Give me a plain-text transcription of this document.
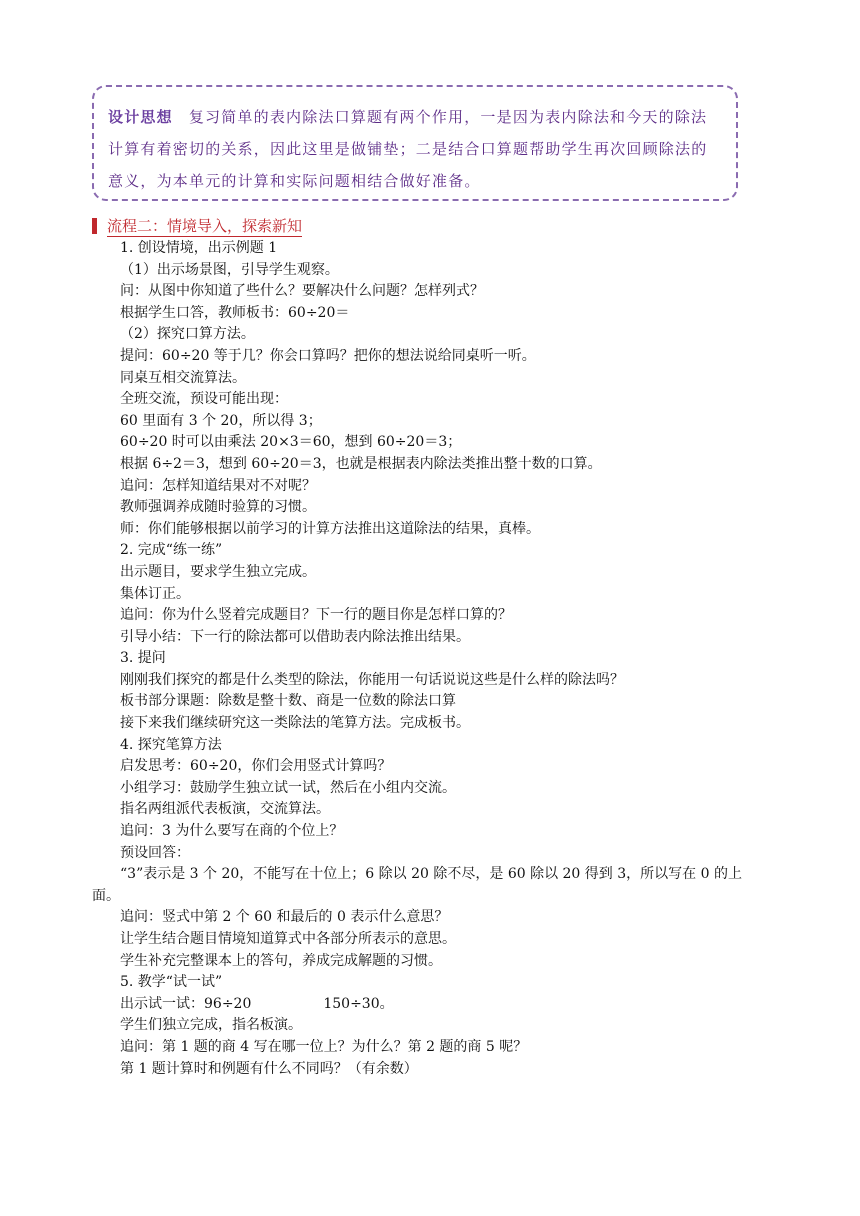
设计思想 复习简单的表内除法口算题有两个作用，一是因为表内除法和今天的除法计算有着密切的关系，因此这里是做铺垫；二是结合口算题帮助学生再次回顾除法的意义，为本单元的计算和实际问题相结合做好准备。
流程二：情境导入，探索新知
1. 创设情境，出示例题 1
（1）出示场景图，引导学生观察。
问：从图中你知道了些什么？要解决什么问题？怎样列式？
根据学生口答，教师板书：60÷20＝
（2）探究口算方法。
提问：60÷20 等于几？你会口算吗？把你的想法说给同桌听一听。
同桌互相交流算法。
全班交流，预设可能出现：
60 里面有 3 个 20，所以得 3；
60÷20 时可以由乘法 20×3＝60，想到 60÷20＝3；
根据 6÷2＝3，想到 60÷20＝3，也就是根据表内除法类推出整十数的口算。
追问：怎样知道结果对不对呢？
教师强调养成随时验算的习惯。
师：你们能够根据以前学习的计算方法推出这道除法的结果，真棒。
2. 完成“练一练”
出示题目，要求学生独立完成。
集体订正。
追问：你为什么竖着完成题目？下一行的题目你是怎样口算的？
引导小结：下一行的除法都可以借助表内除法推出结果。
3. 提问
刚刚我们探究的都是什么类型的除法，你能用一句话说说这些是什么样的除法吗？
板书部分课题：除数是整十数、商是一位数的除法口算
接下来我们继续研究这一类除法的笔算方法。完成板书。
4. 探究笔算方法
启发思考：60÷20，你们会用竖式计算吗？
小组学习：鼓励学生独立试一试，然后在小组内交流。
指名两组派代表板演，交流算法。
追问：3 为什么要写在商的个位上？
预设回答：
“3”表示是 3 个 20，不能写在十位上；6 除以 20 除不尽，是 60 除以 20 得到 3，所以写在 0 的上面。
追问：竖式中第 2 个 60 和最后的 0 表示什么意思？
让学生结合题目情境知道算式中各部分所表示的意思。
学生补充完整课本上的答句，养成完成解题的习惯。
5. 教学“试一试”
出示试一试：96÷20	150÷30。
学生们独立完成，指名板演。
追问：第 1 题的商 4 写在哪一位上？为什么？第 2 题的商 5 呢？
第 1 题计算时和例题有什么不同吗？（有余数）
